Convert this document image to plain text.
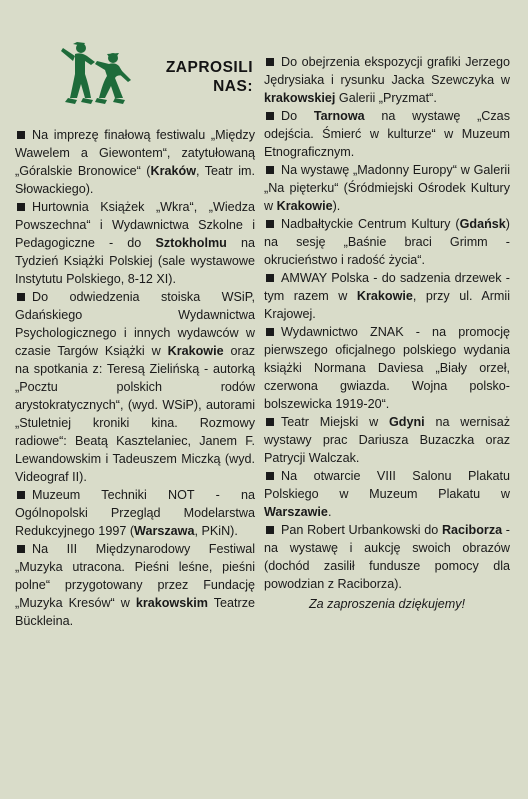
ZAPROSILI
NAS:

Na imprezę finałową festiwalu „Między Wawelem a Giewontem“, zatytułowaną „Góralskie Bronowice“ (Kraków, Teatr im. Słowackiego).

Hurtownia Książek „Wkra“, „Wiedza Powszechna“ i Wydawnictwa Szkolne i Pedagogiczne - do Sztokholmu na Tydzień Książki Polskiej (sale wystawowe Instytutu Polskiego, 8-12 XI).

Do odwiedzenia stoiska WSiP, Gdańskiego Wydawnictwa Psychologicznego i innych wydawców w czasie Targów Książki w Krakowie oraz na spotkania z: Teresą Zielińską - autorką „Pocztu polskich rodów arystokratycznych“, (wyd. WSiP), autorami „Stuletniej kroniki kina. Rozmowy radiowe“: Beatą Kasztelaniec, Janem F. Lewandowskim i Tadeuszem Miczką (wyd. Videograf II).

Muzeum Techniki NOT - na Ogólnopolski Przegląd Modelarstwa Redukcyjnego 1997 (Warszawa, PKiN).

Na III Międzynarodowy Festiwal „Muzyka utracona. Pieśni leśne, pieśni polne“ przygotowany przez Fundację „Muzyka Kresów“ w krakowskim Teatrze Bückleina.

Do obejrzenia ekspozycji grafiki Jerzego Jędrysiaka i rysunku Jacka Szewczyka w krakowskiej Galerii „Pryzmat“.

Do Tarnowa na wystawę „Czas odejścia. Śmierć w kulturze“ w Muzeum Etnograficznym.

Na wystawę „Madonny Europy“ w Galerii „Na pięterku“ (Śródmiejski Ośrodek Kultury w Krakowie).

Nadbałtyckie Centrum Kultury (Gdańsk) na sesję „Baśnie braci Grimm - okrucieństwo i radość życia“.

AMWAY Polska - do sadzenia drzewek - tym razem w Krakowie, przy ul. Armii Krajowej.

Wydawnictwo ZNAK - na promocję pierwszego oficjalnego polskiego wydania książki Normana Daviesa „Biały orzeł, czerwona gwiazda. Wojna polsko-bolszewicka 1919-20“.

Teatr Miejski w Gdyni na wernisaż wystawy prac Dariusza Buzaczka oraz Patrycji Walczak.

Na otwarcie VIII Salonu Plakatu Polskiego w Muzeum Plakatu w Warszawie.

Pan Robert Urbankowski do Raciborza - na wystawę i aukcję swoich obrazów (dochód zasilił fundusze pomocy dla powodzian z Raciborza).

Za zaproszenia dziękujemy!
